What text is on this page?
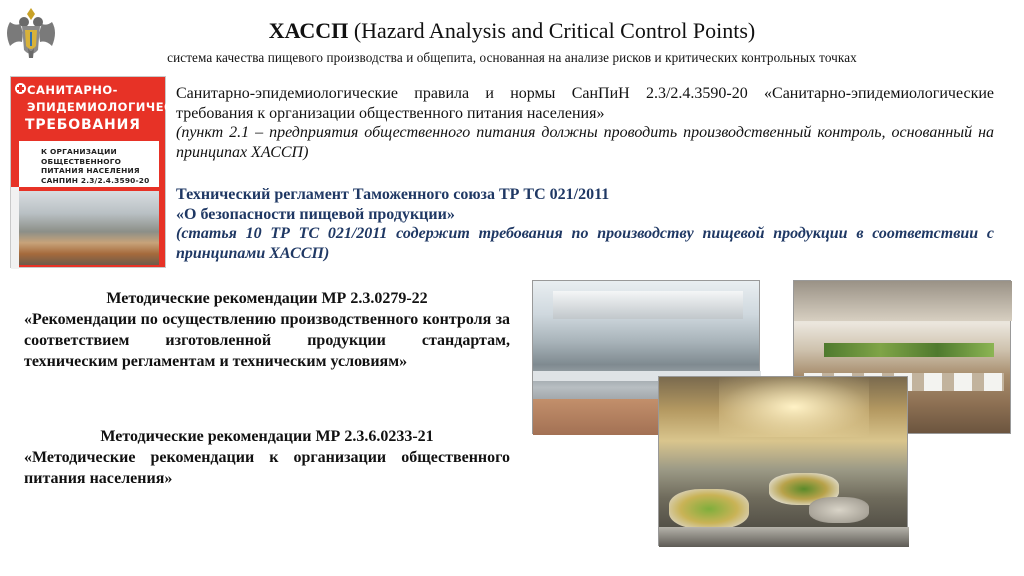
ХАССП (Hazard Analysis and Critical Control Points)
система качества пищевого производства и общепита, основанная на анализе рисков и критических контрольных точках
САНИТАРНО-
ЭПИДЕМИОЛОГИЧЕСКИЕ
ТРЕБОВАНИЯ
К ОРГАНИЗАЦИИ ОБЩЕСТВЕННОГО
ПИТАНИЯ НАСЕЛЕНИЯ
САНПИН 2.3/2.4.3590-20
Санитарно-эпидемиологические правила и нормы СанПиН 2.3/2.4.3590-20 «Санитарно-эпидемиологические требования к организации общественного питания населения»
(пункт 2.1 – предприятия общественного питания должны проводить производственный контроль, основанный на принципах ХАССП)
Технический регламент Таможенного союза ТР ТС 021/2011
«О безопасности пищевой продукции»
(статья 10 ТР ТС 021/2011 содержит требования по производству пищевой продукции в соответствии с принципами ХАССП)
Методические рекомендации МР 2.3.0279-22
«Рекомендации по осуществлению производственного контроля за соответствием изготовленной продукции стандартам, техническим регламентам и техническим условиям»
Методические рекомендации МР 2.3.6.0233-21
«Методические рекомендации к организации общественного питания населения»
